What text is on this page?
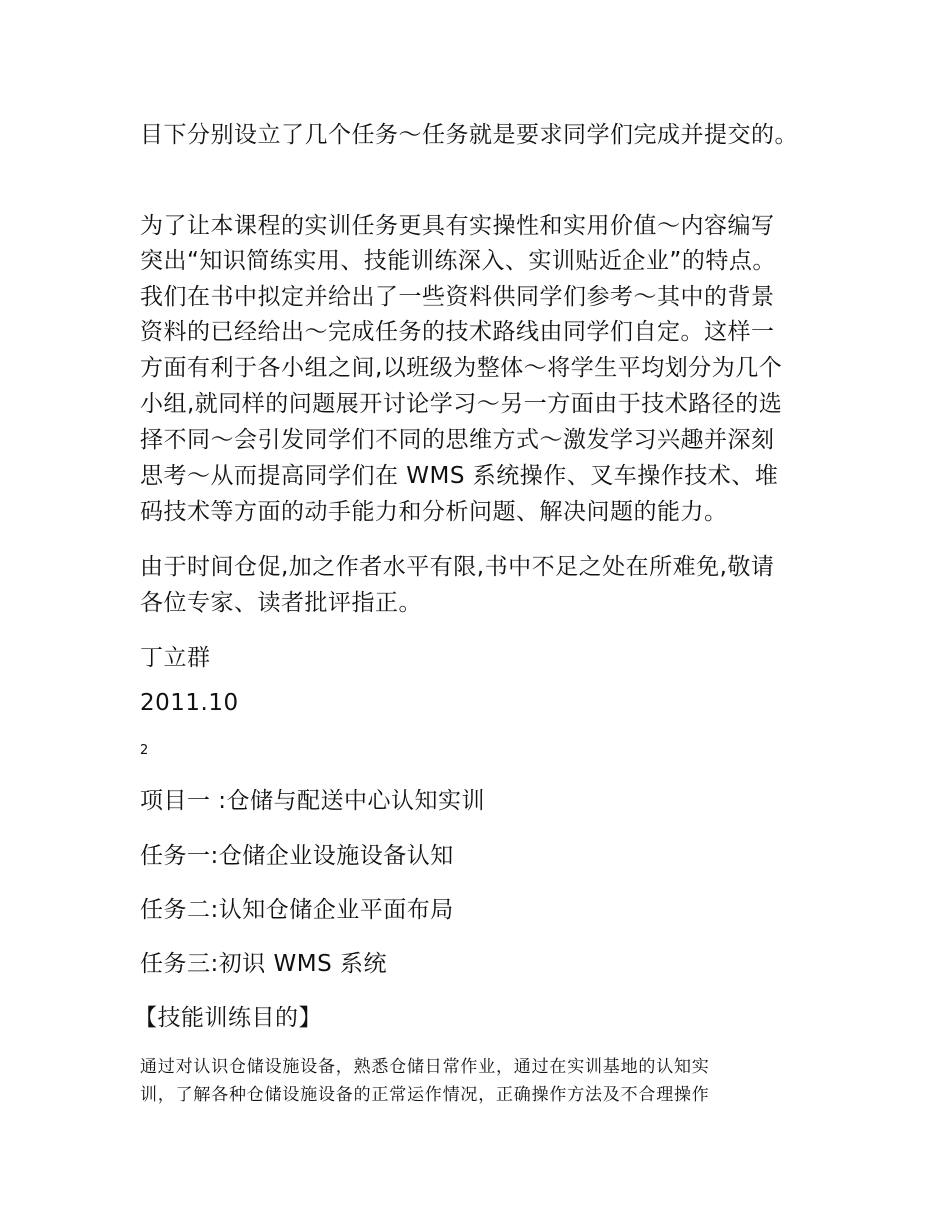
目下分别设立了几个任务～任务就是要求同学们完成并提交的。
为了让本课程的实训任务更具有实操性和实用价值～内容编写
突出“知识简练实用、技能训练深入、实训贴近企业”的特点。
我们在书中拟定并给出了一些资料供同学们参考～其中的背景
资料的已经给出～完成任务的技术路线由同学们自定。这样一
方面有利于各小组之间,以班级为整体～将学生平均划分为几个
小组,就同样的问题展开讨论学习～另一方面由于技术路径的选
择不同～会引发同学们不同的思维方式～激发学习兴趣并深刻
思考～从而提高同学们在 WMS 系统操作、叉车操作技术、堆
码技术等方面的动手能力和分析问题、解决问题的能力。
由于时间仓促,加之作者水平有限,书中不足之处在所难免,敬请
各位专家、读者批评指正。
丁立群
2011.10
2
项目一 :仓储与配送中心认知实训
任务一:仓储企业设施设备认知
任务二:认知仓储企业平面布局
任务三:初识 WMS 系统
【技能训练目的】
通过对认识仓储设施设备，熟悉仓储日常作业，通过在实训基地的认知实
训，了解各种仓储设施设备的正常运作情况，正确操作方法及不合理操作
